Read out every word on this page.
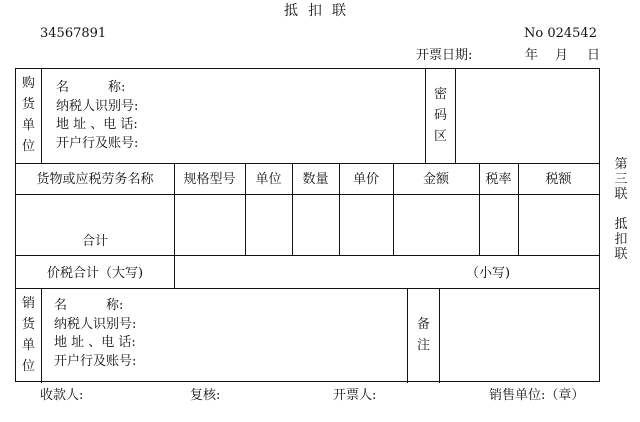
抵扣联
34567891	No 024542
开票日期:	年 月 日
购
货
单
位
名　　　称:
纳税人识别号:
地 址 、电 话:
开户行及账号:
密
码
区
货物或应税劳务名称	规格型号	单位	数量	单价	金额	税率	税额
合计
价税合计（大写)	（小写)
销
货
单
位
名　　　称:
纳税人识别号:
地 址 、电 话:
开户行及账号:
备
注
第
三
联
抵
扣
联
收款人:	复核:	开票人:	销售单位:（章）
